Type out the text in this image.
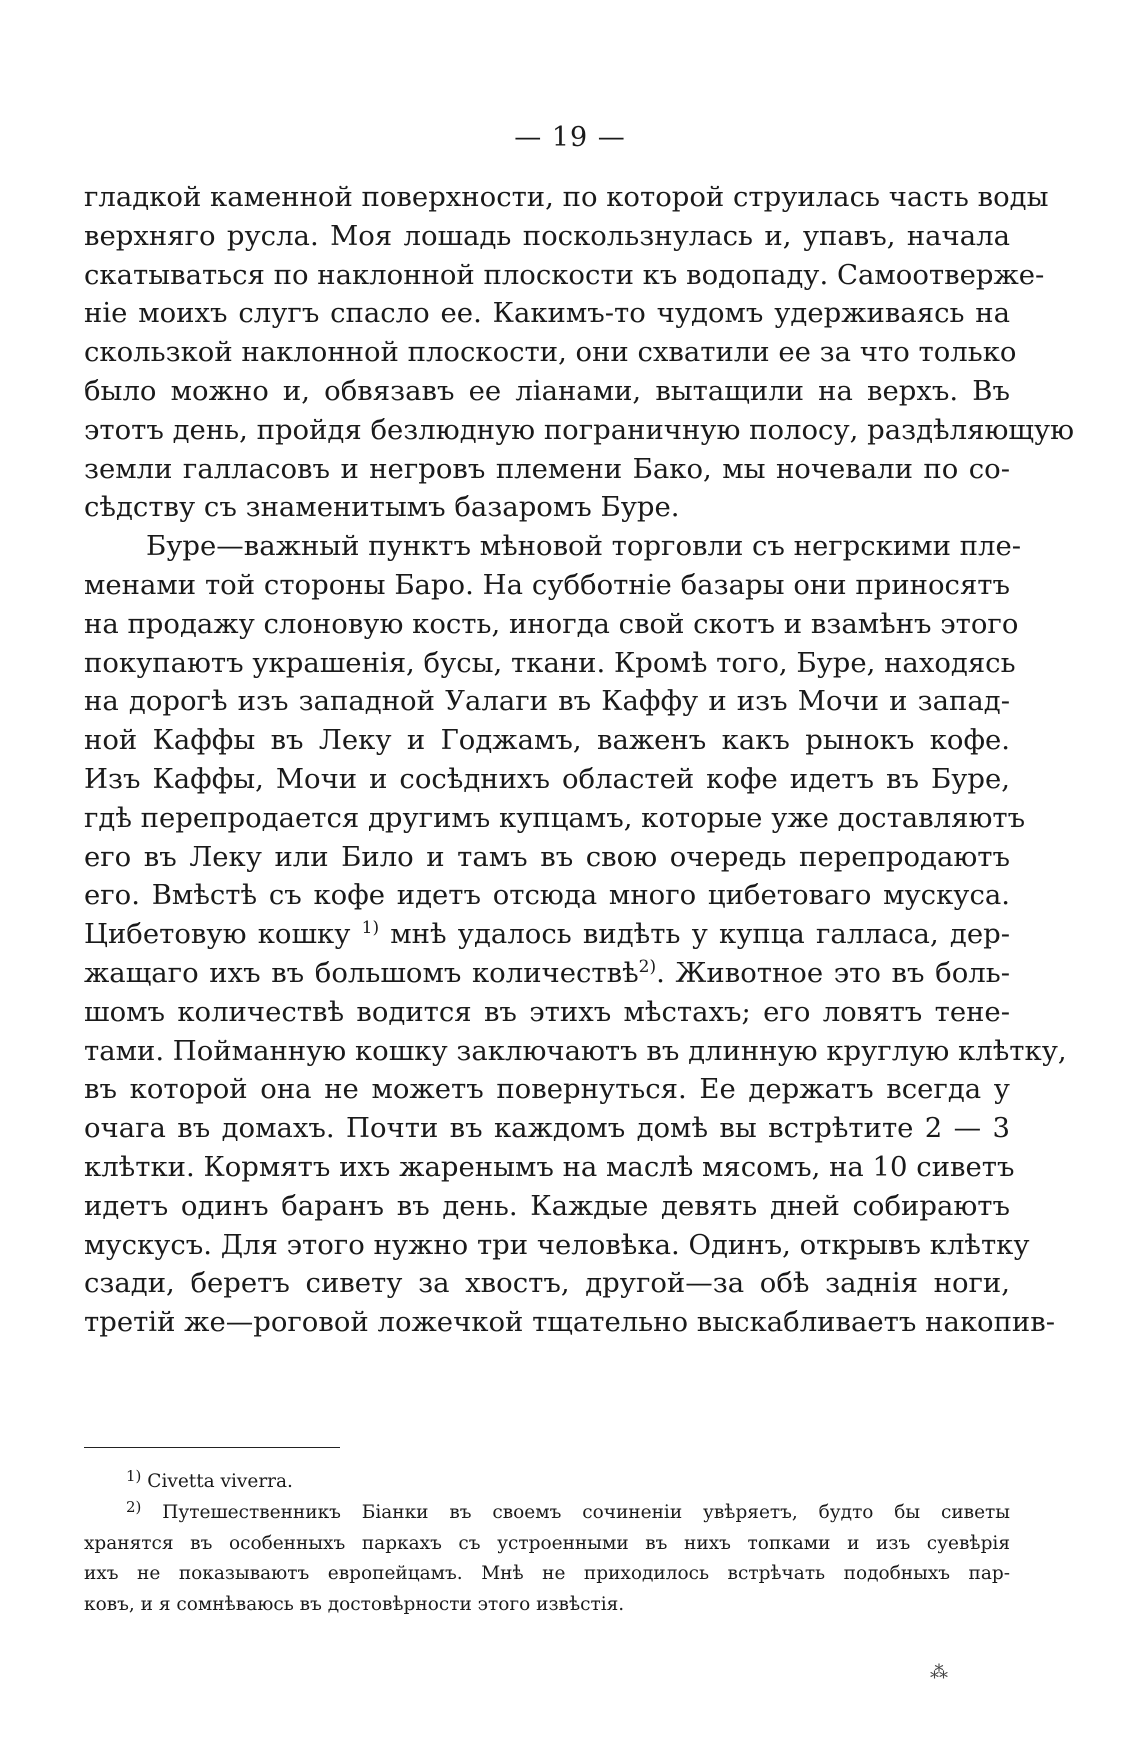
— 19 —
гладкой каменной поверхности, по которой струилась часть воды
верхняго русла. Моя лошадь поскользнулась и, упавъ, начала
скатываться по наклонной плоскости къ водопаду. Самоотверже-
ніе моихъ слугъ спасло ее. Какимъ-то чудомъ удерживаясь на
скользкой наклонной плоскости, они схватили ее за что только
было можно и, обвязавъ ее ліанами, вытащили на верхъ. Въ
этотъ день, пройдя безлюдную пограничную полосу, раздѣляющую
земли галласовъ и негровъ племени Бако, мы ночевали по со-
сѣдству съ знаменитымъ базаромъ Буре.
Буре—важный пунктъ мѣновой торговли съ негрскими пле-
менами той стороны Баро. На субботніе базары они приносятъ
на продажу слоновую кость, иногда свой скотъ и взамѣнъ этого
покупаютъ украшенія, бусы, ткани. Кромѣ того, Буре, находясь
на дорогѣ изъ западной Уалаги въ Каффу и изъ Мочи и запад-
ной Каффы въ Леку и Годжамъ, важенъ какъ рынокъ кофе.
Изъ Каффы, Мочи и сосѣднихъ областей кофе идетъ въ Буре,
гдѣ перепродается другимъ купцамъ, которые уже доставляютъ
его въ Леку или Било и тамъ въ свою очередь перепродаютъ
его. Вмѣстѣ съ кофе идетъ отсюда много цибетоваго мускуса.
Цибетовую кошку $^{1)}$ мнѣ удалось видѣть у купца галласа, дер-
жащаго ихъ въ большомъ количествѣ$^{2)}$. Животное это въ боль-
шомъ количествѣ водится въ этихъ мѣстахъ; его ловятъ тене-
тами. Пойманную кошку заключаютъ въ длинную круглую клѣтку,
въ которой она не можетъ повернуться. Ее держатъ всегда у
очага въ домахъ. Почти въ каждомъ домѣ вы встрѣтите 2 — 3
клѣтки. Кормятъ ихъ жаренымъ на маслѣ мясомъ, на 10 сиветъ
идетъ одинъ баранъ въ день. Каждые девять дней собираютъ
мускусъ. Для этого нужно три человѣка. Одинъ, открывъ клѣтку
сзади, беретъ сивету за хвостъ, другой—за обѣ заднія ноги,
третій же—роговой ложечкой тщательно выскабливаетъ накопив-
$^{1)}$ Civetta viverra.
$^{2)}$ Путешественникъ Біанки въ своемъ сочиненіи увѣряетъ, будто бы сиветы
хранятся въ особенныхъ паркахъ съ устроенными въ нихъ топками и изъ суевѣрія
ихъ не показываютъ европейцамъ. Мнѣ не приходилось встрѣчать подобныхъ пар-
ковъ, и я сомнѣваюсь въ достовѣрности этого извѣстія.
⁂
